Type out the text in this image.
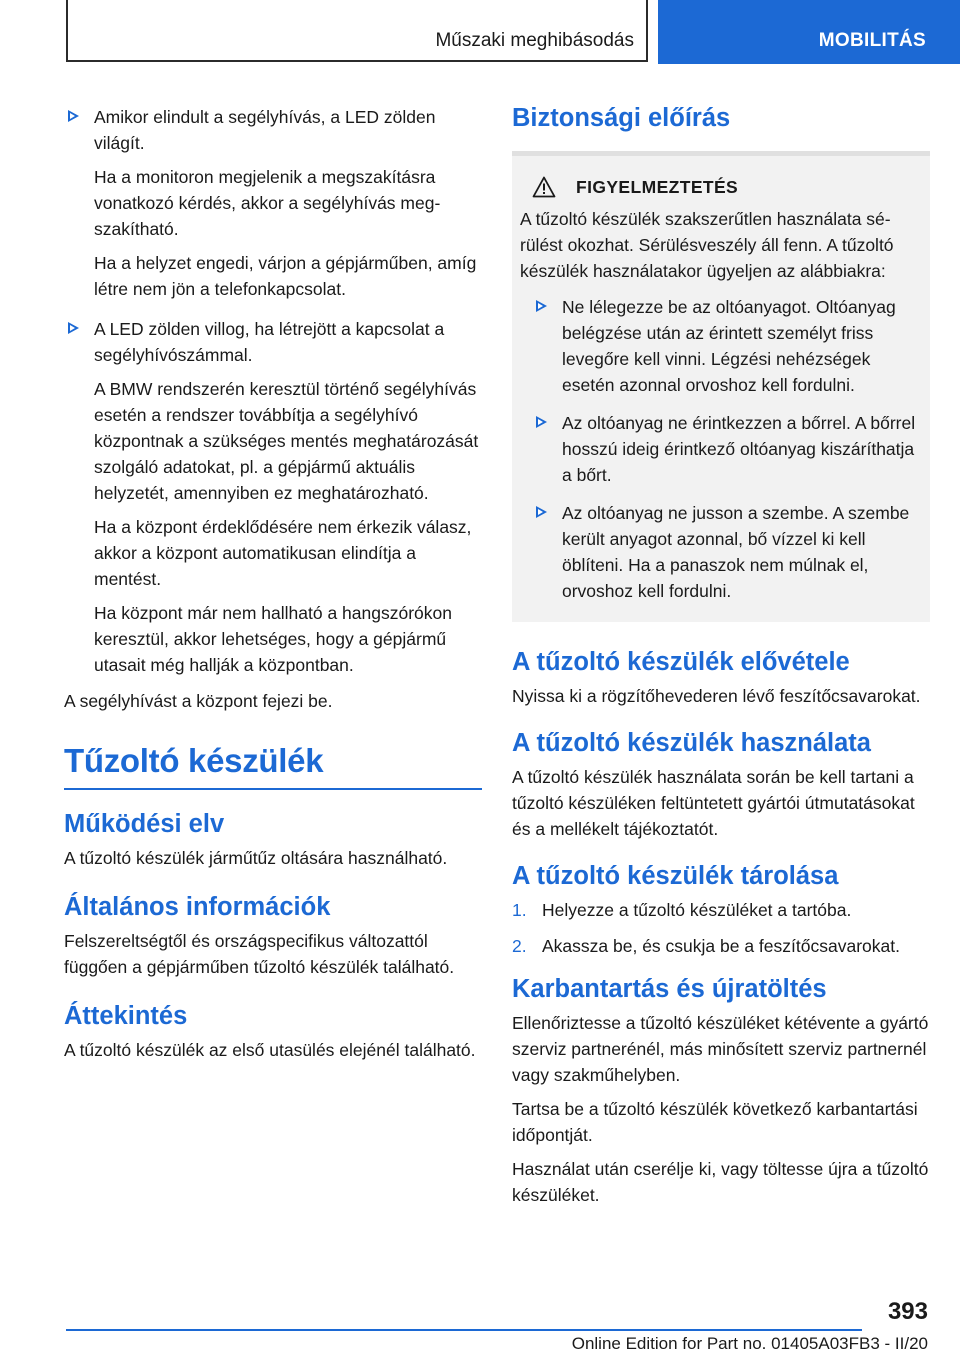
Műszaki meghibásodás	MOBILITÁS

Amikor elindult a segélyhívás, a LED zölden világít.

Ha a monitoron megjelenik a megszakításra vonatkozó kérdés, akkor a segélyhívás megszakítható.

Ha a helyzet engedi, várjon a gépjárműben, amíg létre nem jön a telefonkapcsolat.

A LED zölden villog, ha létrejött a kapcsolat a segélyhívószámmal.

A BMW rendszerén keresztül történő segélyhívás esetén a rendszer továbbítja a segélyhívó központnak a szükséges mentés meghatározását szolgáló adatokat, pl. a gépjármű aktuális helyzetét, amennyiben ez meghatározható.

Ha a központ érdeklődésére nem érkezik válasz, akkor a központ automatikusan elindítja a mentést.

Ha központ már nem hallható a hangszórókon keresztül, akkor lehetséges, hogy a gépjármű utasait még hallják a központban.

A segélyhívást a központ fejezi be.

Tűzoltó készülék
Működési elv

A tűzoltó készülék járműtűz oltására használható.

Általános információk

Felszereltségtől és országspecifikus változattól függően a gépjárműben tűzoltó készülék található.

Áttekintés

A tűzoltó készülék az első utasülés elejénél található.

Biztonsági előírás
FIGYELMEZTETÉS

A tűzoltó készülék szakszerűtlen használata sérülést okozhat. Sérülésveszély áll fenn. A tűzoltó készülék használatakor ügyeljen az alábbiakra:

Ne lélegezze be az oltóanyagot. Oltóanyag belégzése után az érintett személyt friss levegőre kell vinni. Légzési nehézségek esetén azonnal orvoshoz kell fordulni.

Az oltóanyag ne érintkezzen a bőrrel. A bőrrel hosszú ideig érintkező oltóanyag kiszáríthatja a bőrt.

Az oltóanyag ne jusson a szembe. A szembe került anyagot azonnal, bő vízzel ki kell öblíteni. Ha a panaszok nem múlnak el, orvoshoz kell fordulni.

A tűzoltó készülék elővétele

Nyissa ki a rögzítőhevederen lévő feszítőcsavarokat.

A tűzoltó készülék használata

A tűzoltó készülék használata során be kell tartani a tűzoltó készüléken feltüntetett gyártói útmutatásokat és a mellékelt tájékoztatót.

A tűzoltó készülék tárolása
1. Helyezze a tűzoltó készüléket a tartóba.
2. Akassza be, és csukja be a feszítőcsavarokat.
Karbantartás és újratöltés

Ellenőriztesse a tűzoltó készüléket kétévente a gyártó szerviz partnerénél, más minősített szerviz partnernél vagy szakműhelyben.

Tartsa be a tűzoltó készülék következő karbantartási időpontját.

Használat után cserélje ki, vagy töltesse újra a tűzoltó készüléket.

393
Online Edition for Part no. 01405A03FB3 - II/20
